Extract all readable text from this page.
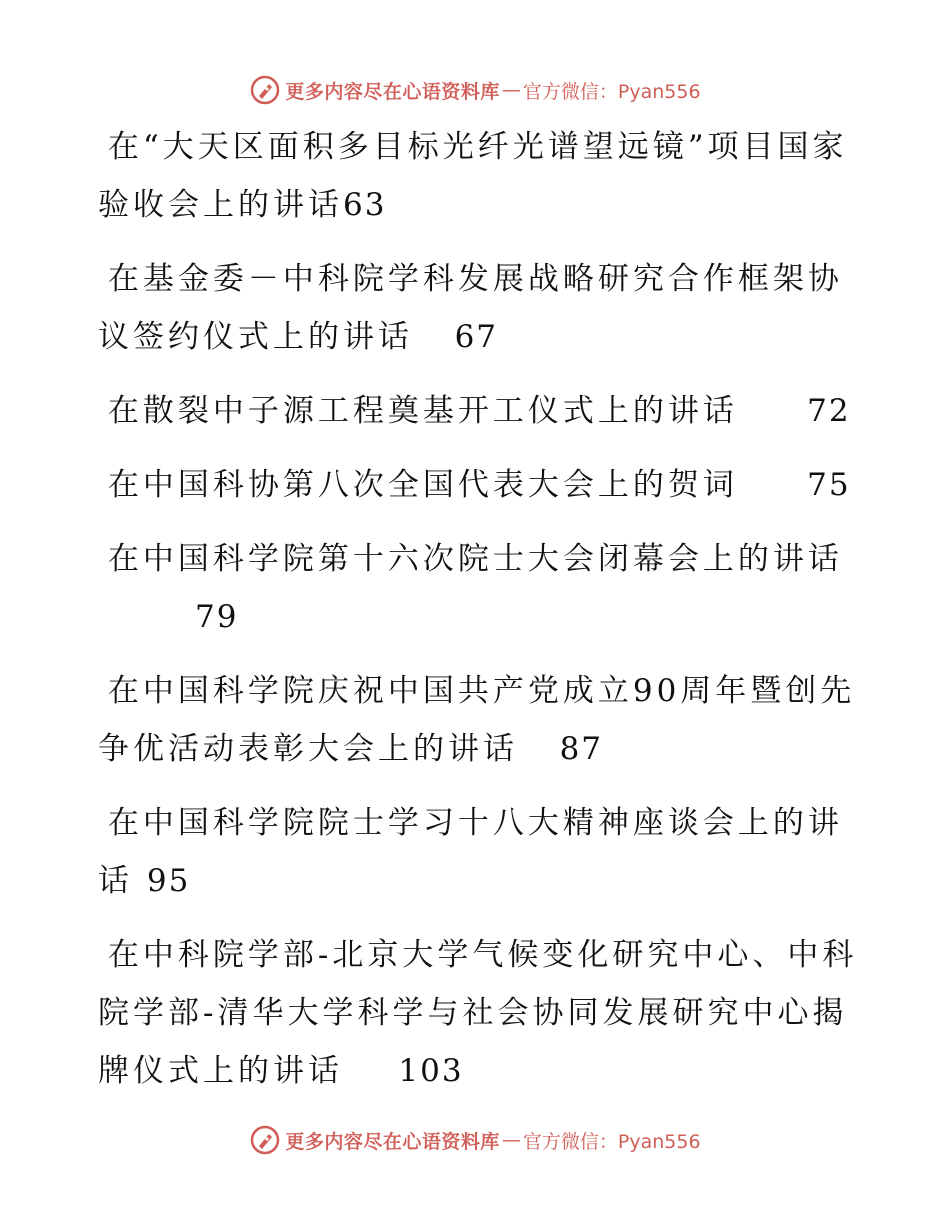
更多内容尽在心语资料库 — 官方微信：Pyan556
在“大天区面积多目标光纤光谱望远镜”项目国家验收会上的讲话63
在基金委－中科院学科发展战略研究合作框架协议签约仪式上的讲话 67
在散裂中子源工程奠基开工仪式上的讲话 72
在中国科协第八次全国代表大会上的贺词 75
在中国科学院第十六次院士大会闭幕会上的讲话
79
在中国科学院庆祝中国共产党成立90周年暨创先争优活动表彰大会上的讲话 87
在中国科学院院士学习十八大精神座谈会上的讲话 95
在中科院学部-北京大学气候变化研究中心、中科院学部-清华大学科学与社会协同发展研究中心揭牌仪式上的讲话 103
更多内容尽在心语资料库 — 官方微信：Pyan556
